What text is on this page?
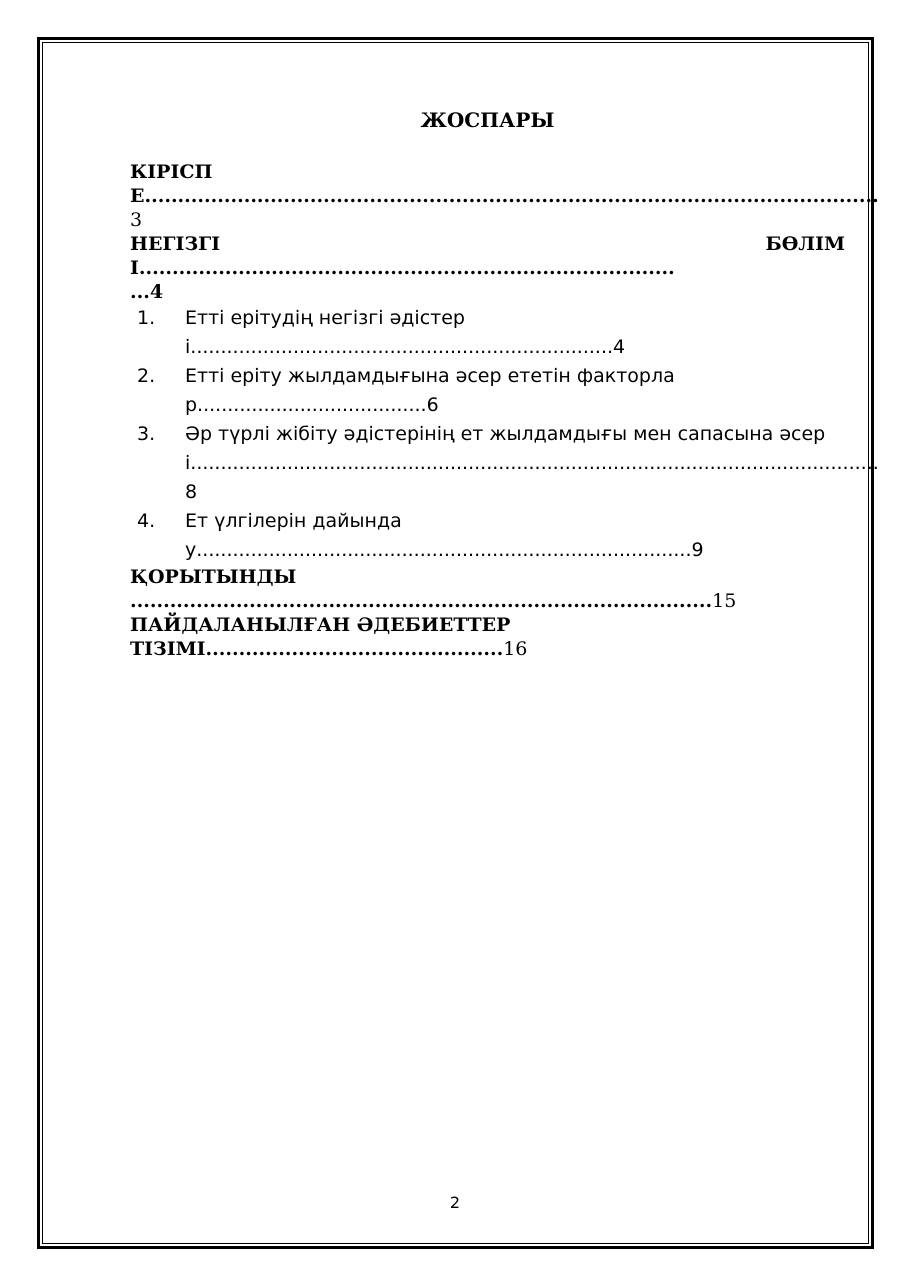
ЖОСПАРЫ

КІРІСПЕ...............................................................................................................3

НЕГІЗГІ	БӨЛІМ

I.................................................................................

...4

1. Етті ерітудің негізгі әдістері......................................................................4
2. Етті еріту жылдамдығына әсер ететін факторлар......................................6
3. Әр түрлі жібіту әдістерінің ет жылдамдығы мен сапасына әсері..................................................................................................................8
4. Ет үлгілерін дайындау..................................................................................9

ҚОРЫТЫНДЫ ........................................................................................15

ПАЙДАЛАНЫЛҒАН ӘДЕБИЕТТЕР

ТІЗІМІ.............................................16

2
